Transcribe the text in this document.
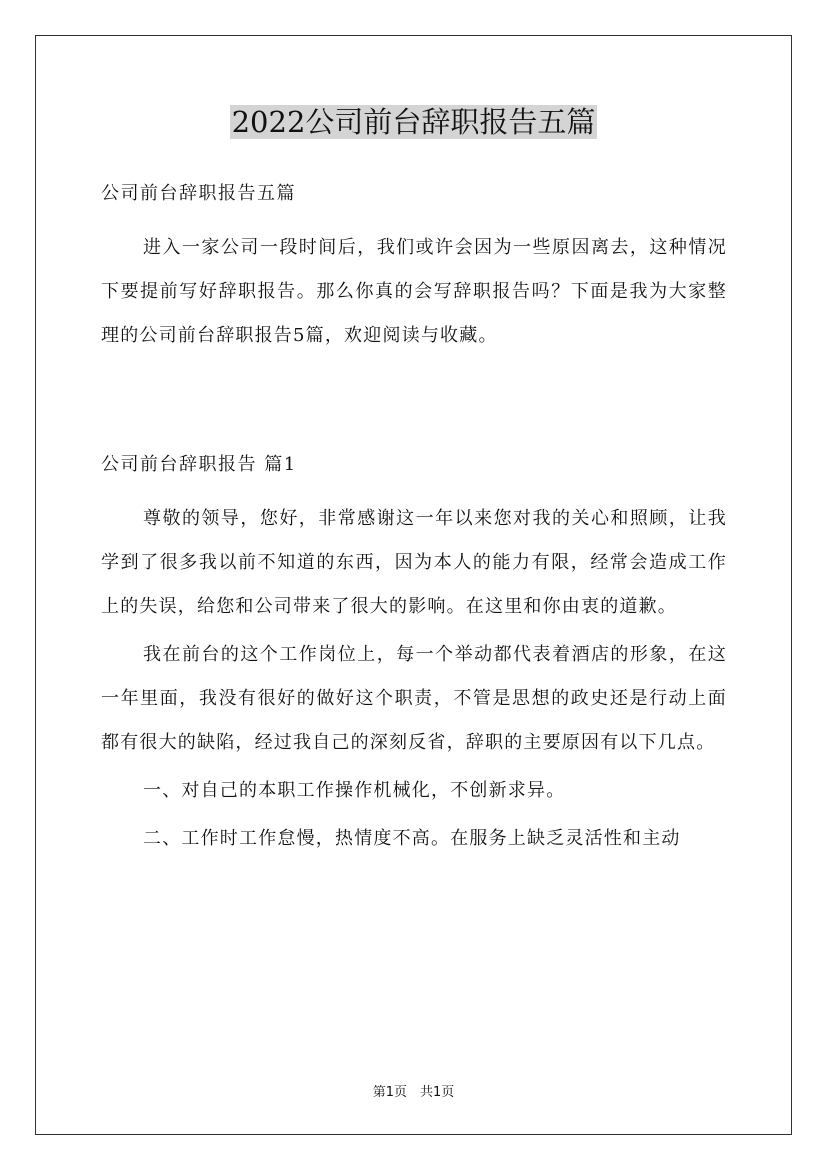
2022公司前台辞职报告五篇
公司前台辞职报告五篇

进入一家公司一段时间后，我们或许会因为一些原因离去，这种情况下要提前写好辞职报告。那么你真的会写辞职报告吗？下面是我为大家整理的公司前台辞职报告5篇，欢迎阅读与收藏。

公司前台辞职报告 篇1

尊敬的领导，您好，非常感谢这一年以来您对我的关心和照顾，让我学到了很多我以前不知道的东西，因为本人的能力有限，经常会造成工作上的失误，给您和公司带来了很大的影响。在这里和你由衷的道歉。

我在前台的这个工作岗位上，每一个举动都代表着酒店的形象，在这一年里面，我没有很好的做好这个职责，不管是思想的政史还是行动上面都有很大的缺陷，经过我自己的深刻反省，辞职的主要原因有以下几点。

一、对自己的本职工作操作机械化，不创新求异。

二、工作时工作怠慢，热情度不高。在服务上缺乏灵活性和主动

第1页　共1页
